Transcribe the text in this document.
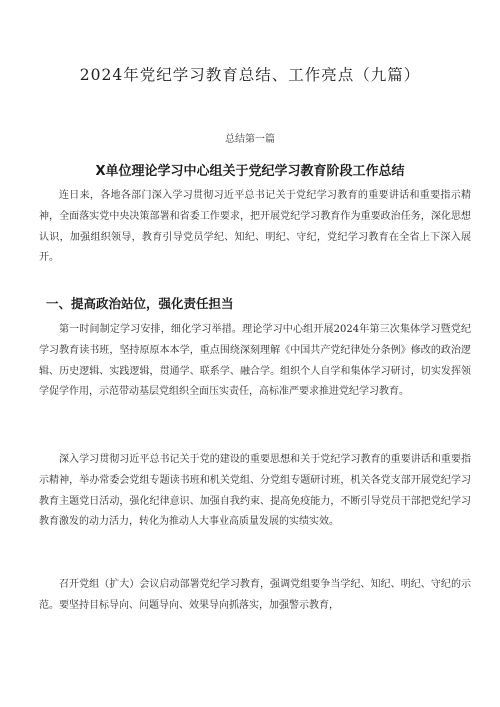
2024年党纪学习教育总结、工作亮点（九篇）
总结第一篇
X单位理论学习中心组关于党纪学习教育阶段工作总结

连日来，各地各部门深入学习贯彻习近平总书记关于党纪学习教育的重要讲话和重要指示精神，全面落实党中央决策部署和省委工作要求，把开展党纪学习教育作为重要政治任务，深化思想认识，加强组织领导，教育引导党员学纪、知纪、明纪、守纪，党纪学习教育在全省上下深入展开。

一、提高政治站位，强化责任担当

第一时间制定学习安排，细化学习举措。理论学习中心组开展2024年第三次集体学习暨党纪学习教育读书班，坚持原原本本学，重点围绕深刻理解《中国共产党纪律处分条例》修改的政治逻辑、历史逻辑、实践逻辑，贯通学、联系学、融合学。组织个人自学和集体学习研讨，切实发挥领学促学作用，示范带动基层党组织全面压实责任，高标准严要求推进党纪学习教育。

深入学习贯彻习近平总书记关于党的建设的重要思想和关于党纪学习教育的重要讲话和重要指示精神，举办常委会党组专题读书班和机关党组、分党组专题研讨班，机关各党支部开展党纪学习教育主题党日活动，强化纪律意识、加强自我约束、提高免疫能力，不断引导党员干部把党纪学习教育激发的动力活力，转化为推动人大事业高质量发展的实绩实效。

召开党组（扩大）会议启动部署党纪学习教育，强调党组要争当学纪、知纪、明纪、守纪的示范。要坚持目标导向、问题导向、效果导向抓落实，加强警示教育，
